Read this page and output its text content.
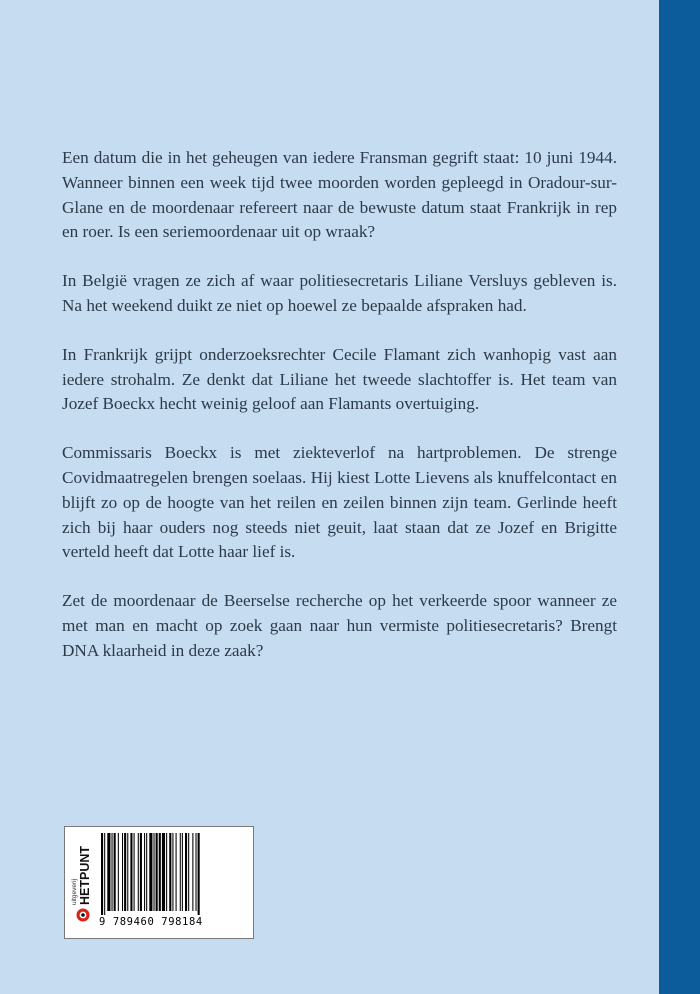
Een datum die in het geheugen van iedere Fransman gegrift staat: 10 juni 1944. Wanneer binnen een week tijd twee moorden worden gepleegd in Oradour-sur-Glane en de moordenaar refereert naar de bewuste datum staat Frankrijk in rep en roer. Is een seriemoordenaar uit op wraak?

In België vragen ze zich af waar politiesecretaris Liliane Versluys gebleven is. Na het weekend duikt ze niet op hoewel ze bepaalde afspraken had.

In Frankrijk grijpt onderzoeksrechter Cecile Flamant zich wanhopig vast aan iedere strohalm. Ze denkt dat Liliane het tweede slachtoffer is. Het team van Jozef Boeckx hecht weinig geloof aan Flamants overtuiging.

Commissaris Boeckx is met ziekteverlof na hartproblemen. De strenge Covidmaatregelen brengen soelaas. Hij kiest Lotte Lievens als knuffelcontact en blijft zo op de hoogte van het reilen en zeilen binnen zijn team. Gerlinde heeft zich bij haar ouders nog steeds niet geuit, laat staan dat ze Jozef en Brigitte verteld heeft dat Lotte haar lief is.

Zet de moordenaar de Beerselse recherche op het verkeerde spoor wanneer ze met man en macht op zoek gaan naar hun vermiste politiesecretaris? Brengt DNA klaarheid in deze zaak?

uitgeverij HETPUNT
9 789460 798184
